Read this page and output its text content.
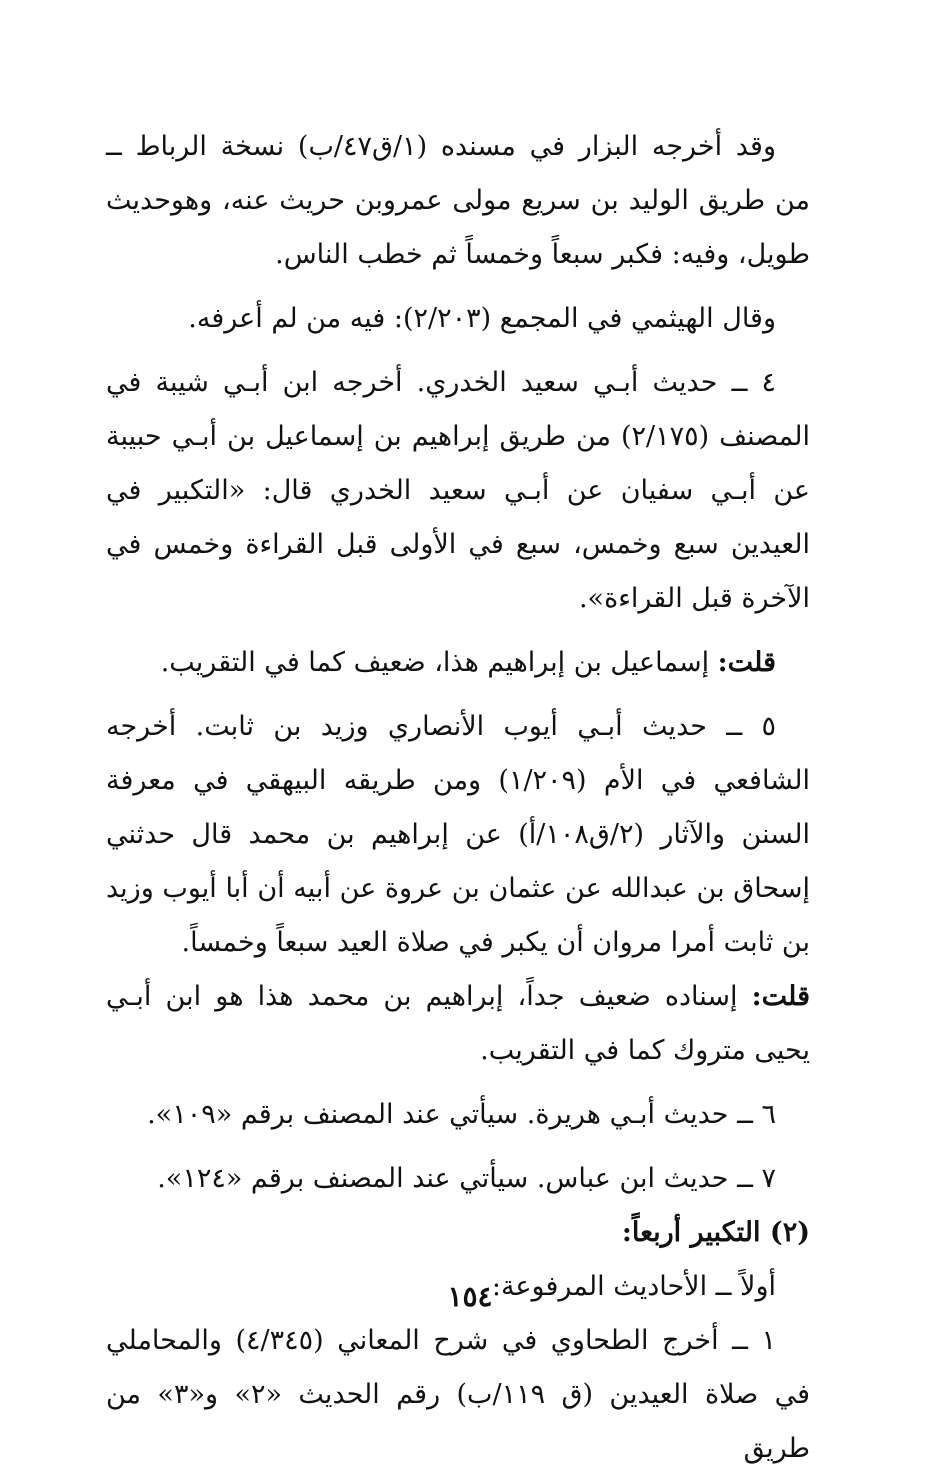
وقد أخرجه البزار في مسنده (١/ق٤٧/ب) نسخة الرباط ــ من طريق الوليد بن سريع مولى عمروبن حريث عنه، وهوحديث طويل، وفيه: فكبر سبعاً وخمساً ثم خطب الناس.

وقال الهيثمي في المجمع (٢/٢٠٣): فيه من لم أعرفه.

٤ ــ حديث أبـي سعيد الخدري. أخرجه ابن أبـي شيبة في المصنف (٢/١٧٥) من طريق إبراهيم بن إسماعيل بن أبـي حبيبة عن أبـي سفيان عن أبـي سعيد الخدري قال: «التكبير في العيدين سبع وخمس، سبع في الأولى قبل القراءة وخمس في الآخرة قبل القراءة».

قلت: إسماعيل بن إبراهيم هذا، ضعيف كما في التقريب.

٥ ــ حديث أبـي أيوب الأنصاري وزيد بن ثابت. أخرجه الشافعي في الأم (١/٢٠٩) ومن طريقه البيهقي في معرفة السنن والآثار (٢/ق١٠٨/أ) عن إبراهيم بن محمد قال حدثني إسحاق بن عبدالله عن عثمان بن عروة عن أبيه أن أبا أيوب وزيد بن ثابت أمرا مروان أن يكبر في صلاة العيد سبعاً وخمساً.

قلت: إسناده ضعيف جداً، إبراهيم بن محمد هذا هو ابن أبـي يحيى متروك كما في التقريب.

٦ ــ حديث أبـي هريرة. سيأتي عند المصنف برقم «١٠٩».

٧ ــ حديث ابن عباس. سيأتي عند المصنف برقم «١٢٤».

(٢) التكبير أربعاً:

أولاً ــ الأحاديث المرفوعة:

١ ــ أخرج الطحاوي في شرح المعاني (٤/٣٤٥) والمحاملي في صلاة العيدين (ق ١١٩/ب) رقم الحديث «٢» و«٣» من طريق

١٥٤
